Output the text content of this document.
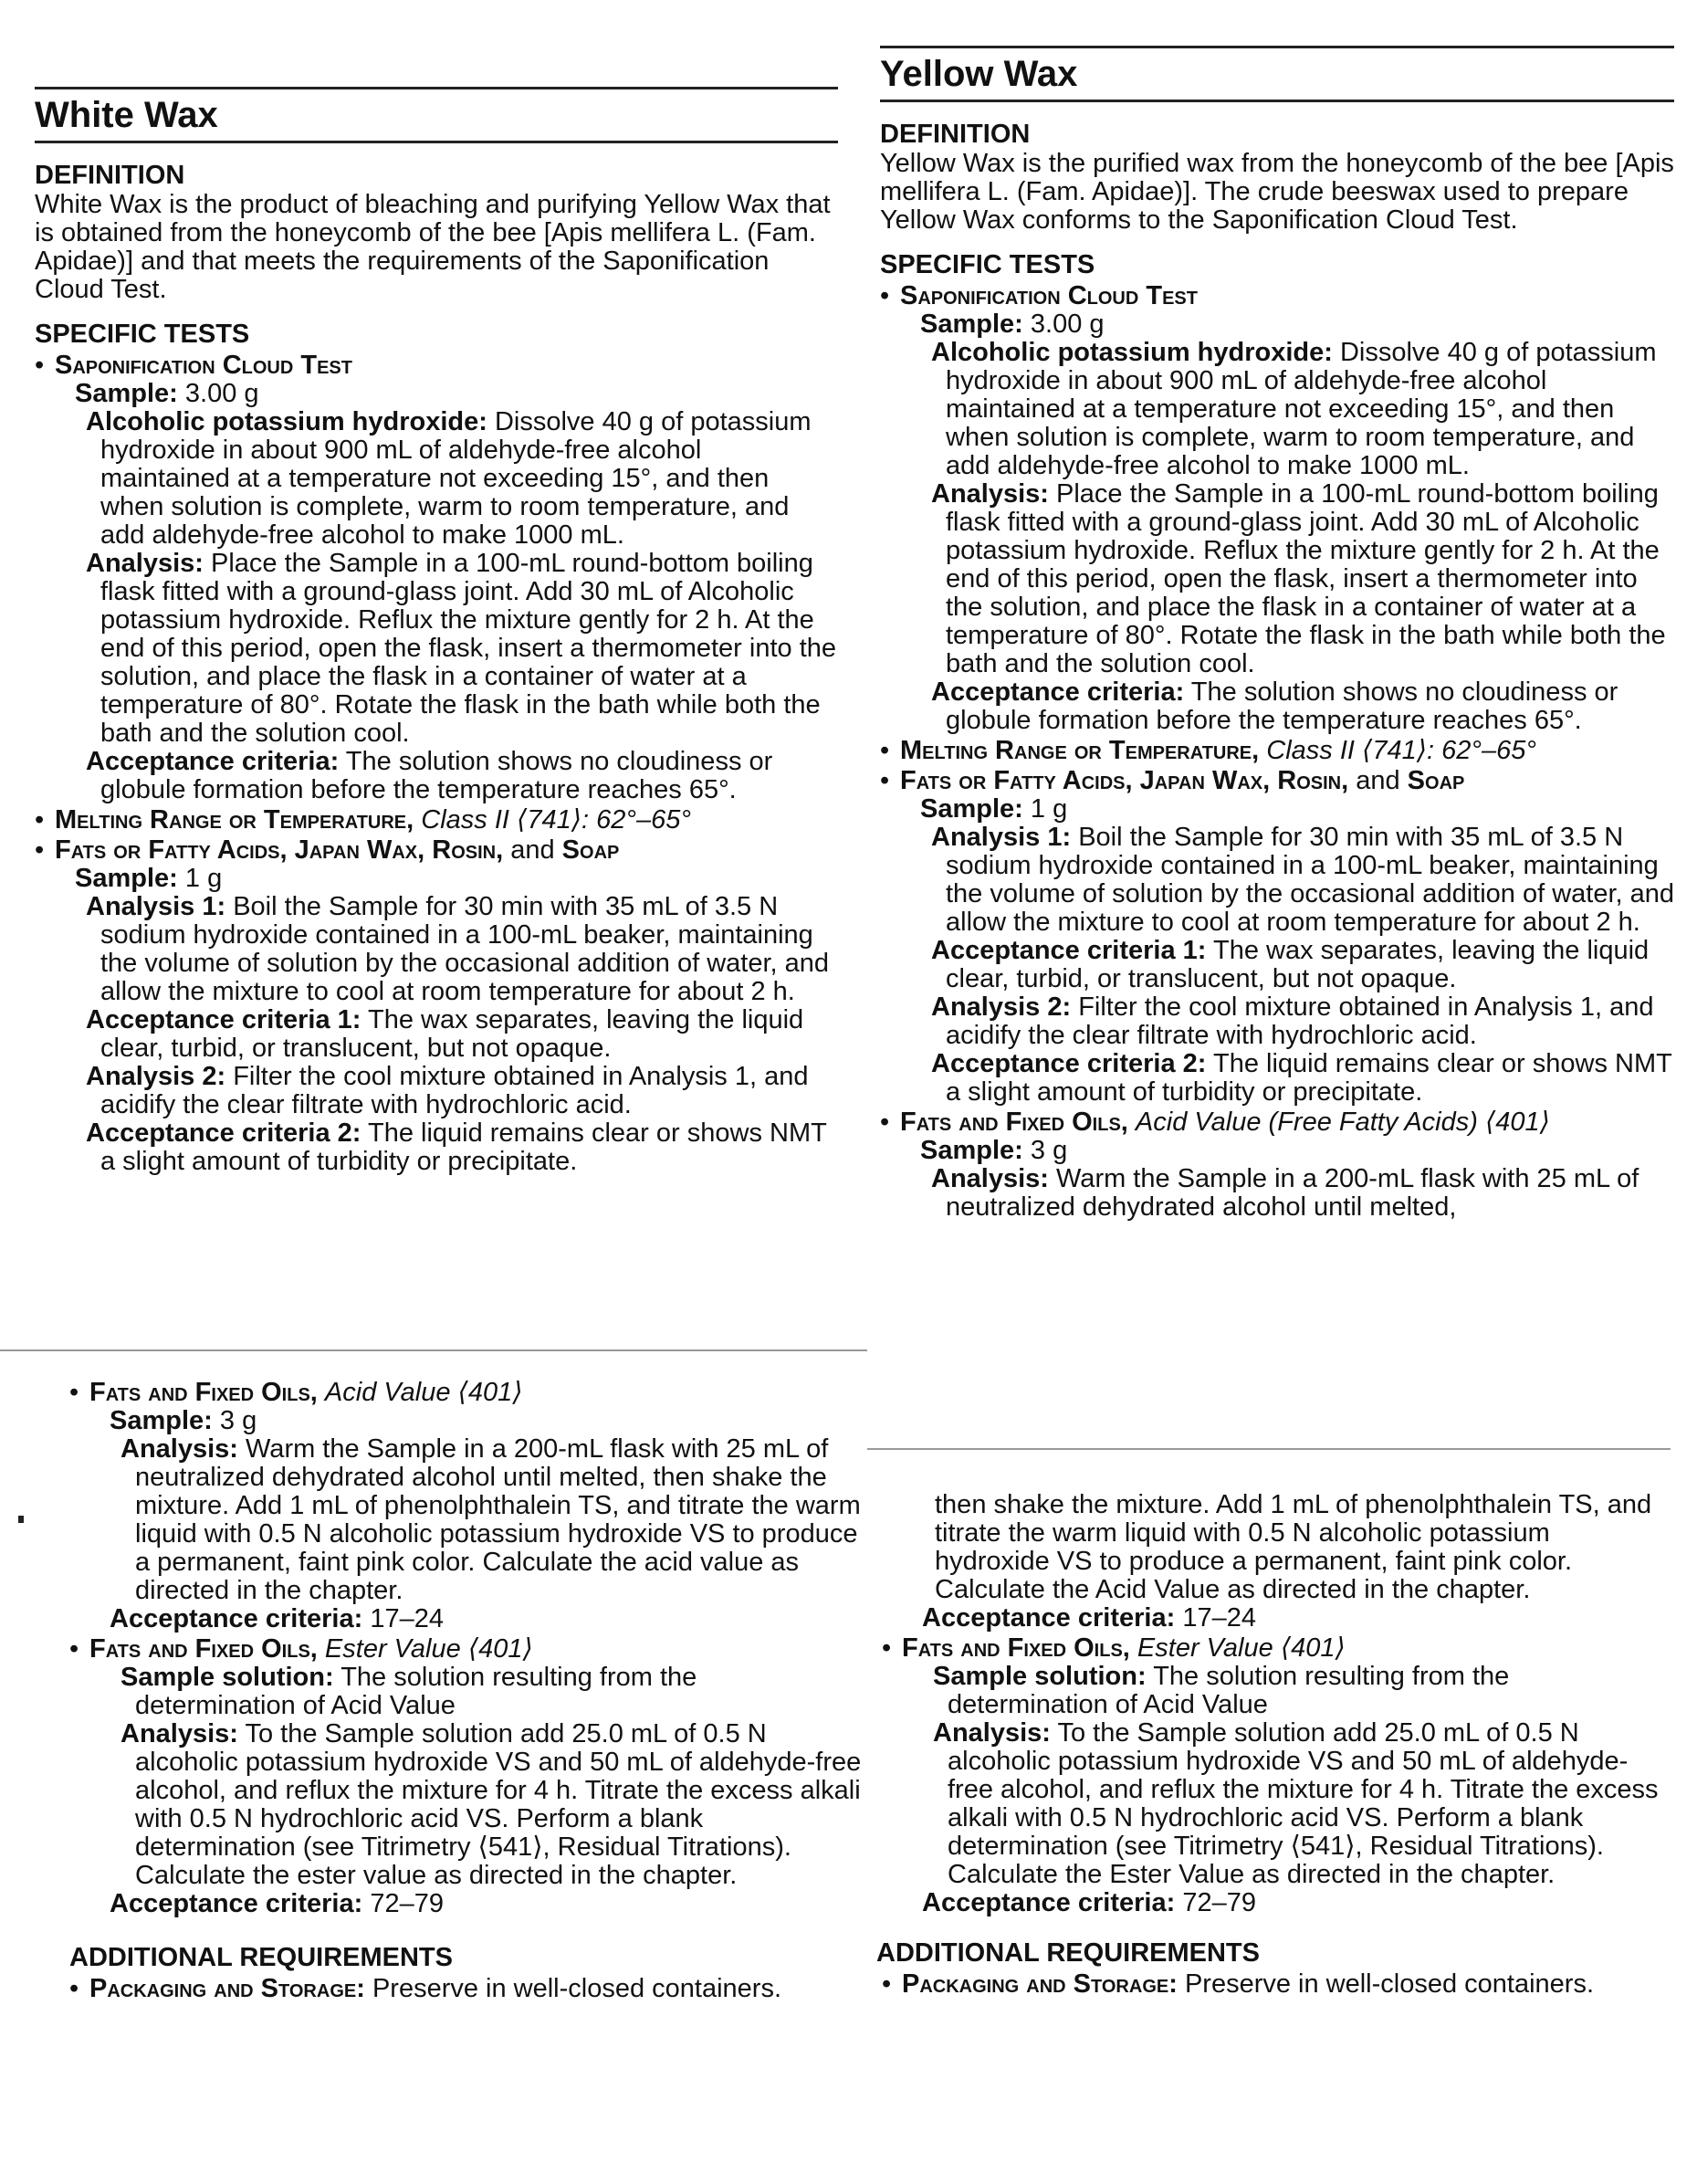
White Wax
DEFINITION

White Wax is the product of bleaching and purifying Yellow Wax that is obtained from the honeycomb of the bee [Apis mellifera L. (Fam. Apidae)] and that meets the requirements of the Saponification Cloud Test.

SPECIFIC TESTS
• Saponification Cloud Test

Sample: 3.00 g

Alcoholic potassium hydroxide: Dissolve 40 g of potassium hydroxide in about 900 mL of aldehyde-free alcohol maintained at a temperature not exceeding 15°, and then when solution is complete, warm to room temperature, and add aldehyde-free alcohol to make 1000 mL.

Analysis: Place the Sample in a 100-mL round-bottom boiling flask fitted with a ground-glass joint. Add 30 mL of Alcoholic potassium hydroxide. Reflux the mixture gently for 2 h. At the end of this period, open the flask, insert a thermometer into the solution, and place the flask in a container of water at a temperature of 80°. Rotate the flask in the bath while both the bath and the solution cool.

Acceptance criteria: The solution shows no cloudiness or globule formation before the temperature reaches 65°.

• Melting Range or Temperature, Class II ⟨741⟩: 62°–65°
• Fats or Fatty Acids, Japan Wax, Rosin, and Soap

Sample: 1 g

Analysis 1: Boil the Sample for 30 min with 35 mL of 3.5 N sodium hydroxide contained in a 100-mL beaker, maintaining the volume of solution by the occasional addition of water, and allow the mixture to cool at room temperature for about 2 h.

Acceptance criteria 1: The wax separates, leaving the liquid clear, turbid, or translucent, but not opaque.

Analysis 2: Filter the cool mixture obtained in Analysis 1, and acidify the clear filtrate with hydrochloric acid.

Acceptance criteria 2: The liquid remains clear or shows NMT a slight amount of turbidity or precipitate.

• Fats and Fixed Oils, Acid Value ⟨401⟩

Sample: 3 g

Analysis: Warm the Sample in a 200-mL flask with 25 mL of neutralized dehydrated alcohol until melted, then shake the mixture. Add 1 mL of phenolphthalein TS, and titrate the warm liquid with 0.5 N alcoholic potassium hydroxide VS to produce a permanent, faint pink color. Calculate the acid value as directed in the chapter.

Acceptance criteria: 17–24

• Fats and Fixed Oils, Ester Value ⟨401⟩

Sample solution: The solution resulting from the determination of Acid Value

Analysis: To the Sample solution add 25.0 mL of 0.5 N alcoholic potassium hydroxide VS and 50 mL of aldehyde-free alcohol, and reflux the mixture for 4 h. Titrate the excess alkali with 0.5 N hydrochloric acid VS. Perform a blank determination (see Titrimetry ⟨541⟩, Residual Titrations). Calculate the ester value as directed in the chapter.

Acceptance criteria: 72–79

ADDITIONAL REQUIREMENTS
• Packaging and Storage: Preserve in well-closed containers.
Yellow Wax
DEFINITION

Yellow Wax is the purified wax from the honeycomb of the bee [Apis mellifera L. (Fam. Apidae)]. The crude beeswax used to prepare Yellow Wax conforms to the Saponification Cloud Test.

SPECIFIC TESTS
• Saponification Cloud Test

Sample: 3.00 g

Alcoholic potassium hydroxide: Dissolve 40 g of potassium hydroxide in about 900 mL of aldehyde-free alcohol maintained at a temperature not exceeding 15°, and then when solution is complete, warm to room temperature, and add aldehyde-free alcohol to make 1000 mL.

Analysis: Place the Sample in a 100-mL round-bottom boiling flask fitted with a ground-glass joint. Add 30 mL of Alcoholic potassium hydroxide. Reflux the mixture gently for 2 h. At the end of this period, open the flask, insert a thermometer into the solution, and place the flask in a container of water at a temperature of 80°. Rotate the flask in the bath while both the bath and the solution cool.

Acceptance criteria: The solution shows no cloudiness or globule formation before the temperature reaches 65°.

• Melting Range or Temperature, Class II ⟨741⟩: 62°–65°
• Fats or Fatty Acids, Japan Wax, Rosin, and Soap

Sample: 1 g

Analysis 1: Boil the Sample for 30 min with 35 mL of 3.5 N sodium hydroxide contained in a 100-mL beaker, maintaining the volume of solution by the occasional addition of water, and allow the mixture to cool at room temperature for about 2 h.

Acceptance criteria 1: The wax separates, leaving the liquid clear, turbid, or translucent, but not opaque.

Analysis 2: Filter the cool mixture obtained in Analysis 1, and acidify the clear filtrate with hydrochloric acid.

Acceptance criteria 2: The liquid remains clear or shows NMT a slight amount of turbidity or precipitate.

• Fats and Fixed Oils, Acid Value (Free Fatty Acids) ⟨401⟩

Sample: 3 g

Analysis: Warm the Sample in a 200-mL flask with 25 mL of neutralized dehydrated alcohol until melted,

then shake the mixture. Add 1 mL of phenolphthalein TS, and titrate the warm liquid with 0.5 N alcoholic potassium hydroxide VS to produce a permanent, faint pink color. Calculate the Acid Value as directed in the chapter.

Acceptance criteria: 17–24

• Fats and Fixed Oils, Ester Value ⟨401⟩

Sample solution: The solution resulting from the determination of Acid Value

Analysis: To the Sample solution add 25.0 mL of 0.5 N alcoholic potassium hydroxide VS and 50 mL of aldehyde-free alcohol, and reflux the mixture for 4 h. Titrate the excess alkali with 0.5 N hydrochloric acid VS. Perform a blank determination (see Titrimetry ⟨541⟩, Residual Titrations). Calculate the Ester Value as directed in the chapter.

Acceptance criteria: 72–79

ADDITIONAL REQUIREMENTS
• Packaging and Storage: Preserve in well-closed containers.
